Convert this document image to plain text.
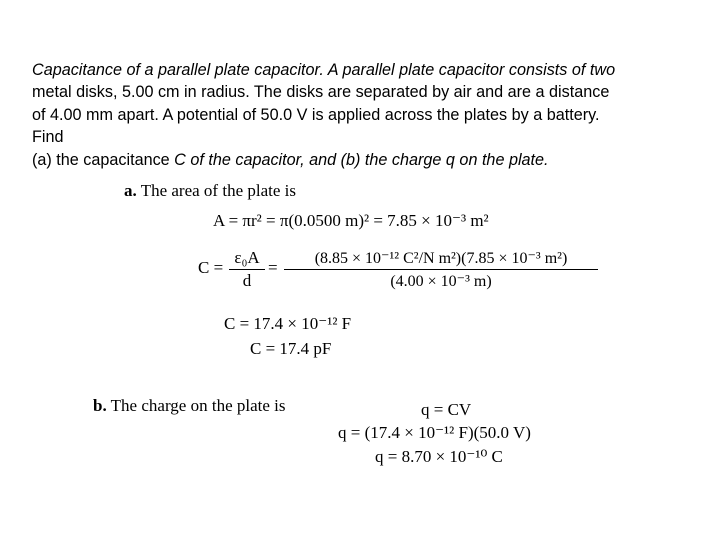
Capacitance of a parallel plate capacitor. A parallel plate capacitor consists of two
metal disks, 5.00 cm in radius. The disks are separated by air and are a distance
of 4.00 mm apart. A potential of 50.0 V is applied across the plates by a battery.
Find
(a) the capacitance C of the capacitor, and (b) the charge q on the plate.
a. The area of the plate is
A = πr² = π(0.0500 m)² = 7.85 × 10⁻³ m²
C =
ε₀A
d
=	(8.85 × 10⁻¹² C²/N m²)(7.85 × 10⁻³ m²)
(4.00 × 10⁻³ m)
C = 17.4 × 10⁻¹² F
C = 17.4 pF
b. The charge on the plate is	q = CV
q = (17.4 × 10⁻¹² F)(50.0 V)
q = 8.70 × 10⁻¹⁰ C
